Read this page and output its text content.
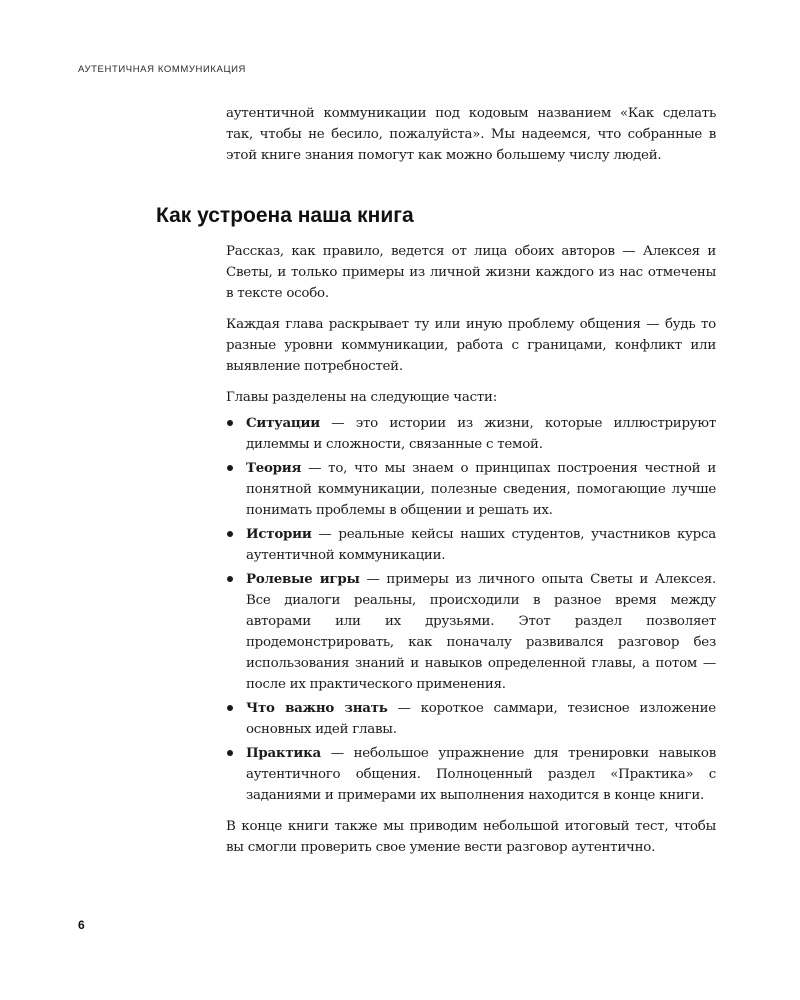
АУТЕНТИЧНАЯ КОММУНИКАЦИЯ

аутентичной коммуникации под кодовым названием «Как сделать так, чтобы не бесило, пожалуйста». Мы надеемся, что собранные в этой книге знания помогут как можно большему числу людей.

Как устроена наша книга

Рассказ, как правило, ведется от лица обоих авторов — Алексея и Светы, и только примеры из личной жизни каждого из нас отмечены в тексте особо.

Каждая глава раскрывает ту или иную проблему общения — будь то разные уровни коммуникации, работа с границами, конфликт или выявление потребностей.

Главы разделены на следующие части:

Ситуации — это истории из жизни, которые иллюстрируют дилеммы и сложности, связанные с темой.
Теория — то, что мы знаем о принципах построения честной и понятной коммуникации, полезные сведения, помогающие лучше понимать проблемы в общении и решать их.
Истории — реальные кейсы наших студентов, участников курса аутентичной коммуникации.
Ролевые игры — примеры из личного опыта Светы и Алексея. Все диалоги реальны, происходили в разное время между авторами или их друзьями. Этот раздел позволяет продемонстрировать, как поначалу развивался разговор без использования знаний и навыков определенной главы, а потом — после их практического применения.
Что важно знать — короткое саммари, тезисное изложение основных идей главы.
Практика — небольшое упражнение для тренировки навыков аутентичного общения. Полноценный раздел «Практика» с заданиями и примерами их выполнения находится в конце книги.

В конце книги также мы приводим небольшой итоговый тест, чтобы вы смогли проверить свое умение вести разговор аутентично.

6
